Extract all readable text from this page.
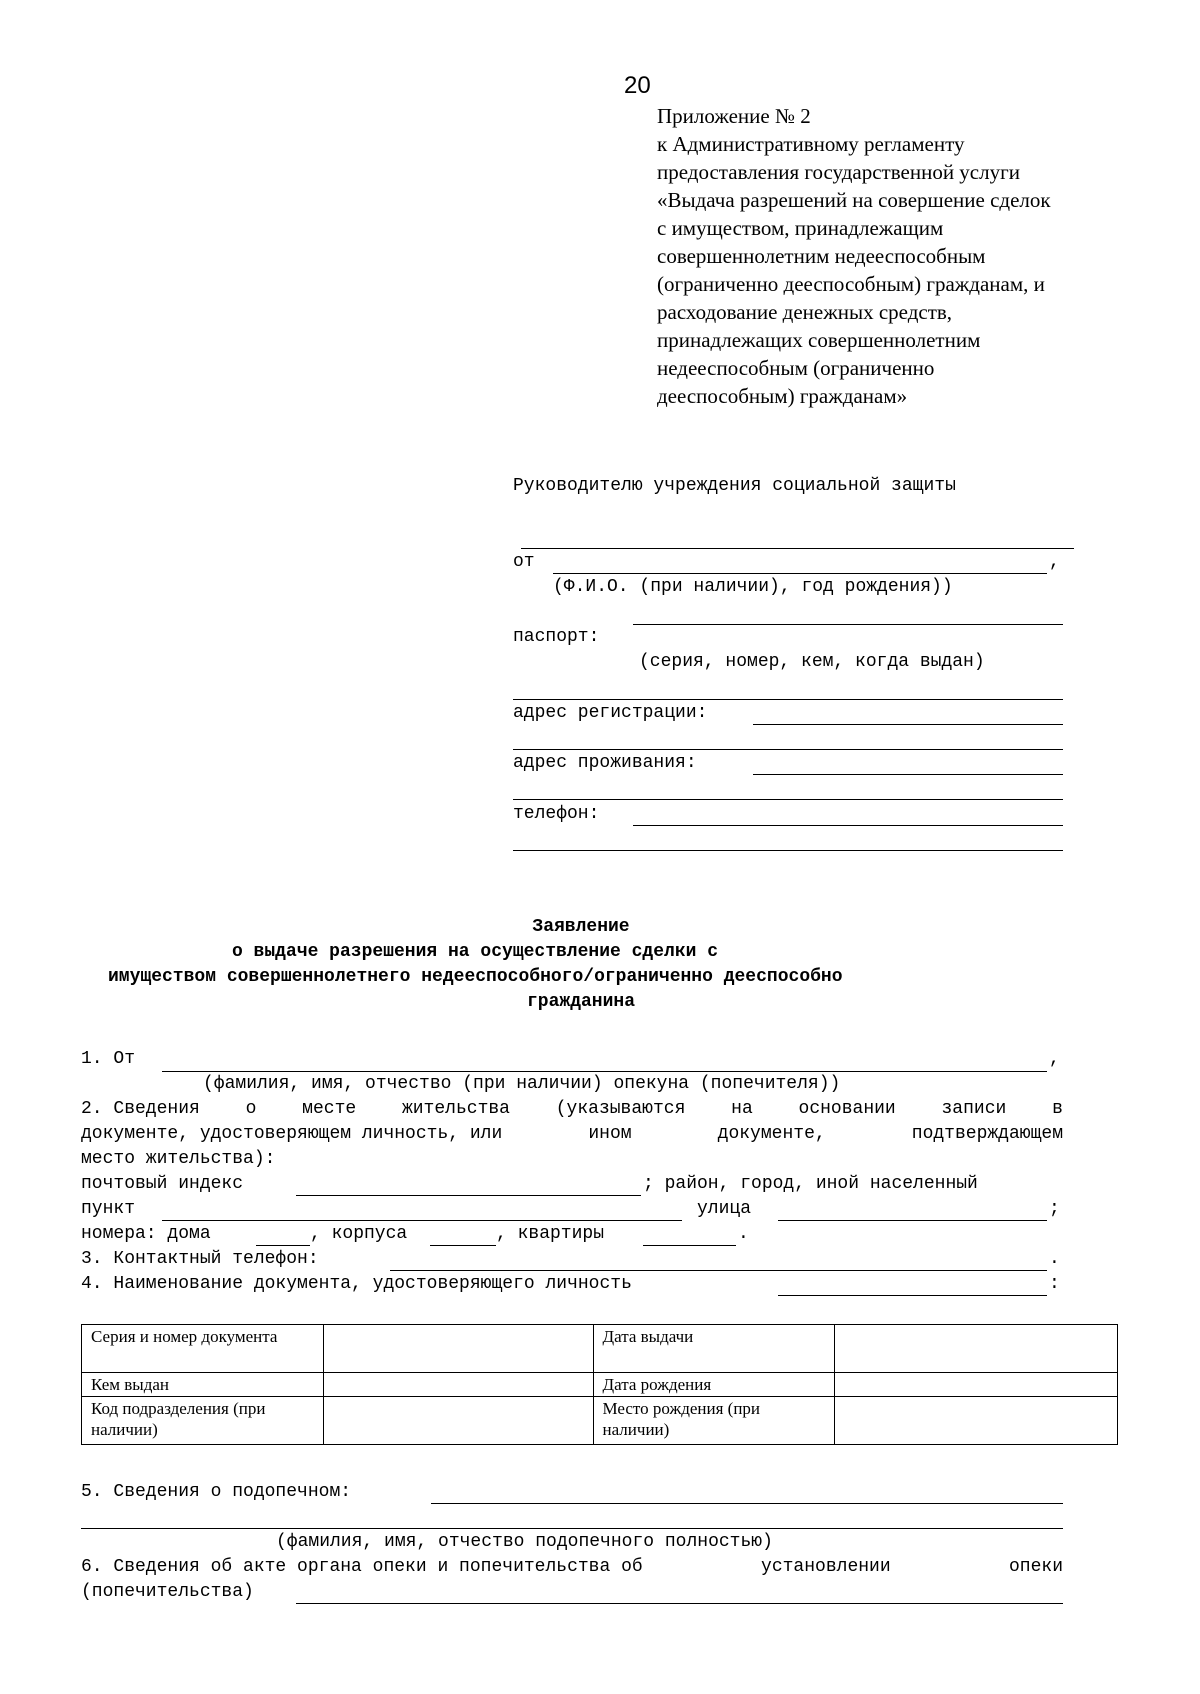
20
Приложение № 2
к Административному регламенту
предоставления государственной услуги
«Выдача разрешений на совершение сделок
с имуществом, принадлежащим
совершеннолетним недееспособным
(ограниченно дееспособным) гражданам, и
расходование денежных средств,
принадлежащих совершеннолетним
недееспособным (ограниченно
дееспособным) гражданам»
Руководителю учреждения социальной защиты
от	,
(Ф.И.О. (при наличии), год рождения))
паспорт:
(серия, номер, кем, когда выдан)
адрес регистрации:
адрес проживания:
телефон:
Заявление
о выдаче разрешения на осуществление сделки с
имуществом совершеннолетнего недееспособного/ограниченно дееспособно
гражданина
1. От	,
(фамилия, имя, отчество (при наличии) опекуна (попечителя))
2. Сведения	о	месте	жительства	(указываются	на	основании	записи	в
документе, удостоверяющем личность, или	ином	документе,	подтверждающем
место жительства):
почтовый индекс	; район, город, иной населенный
пункт	улица	;
номера: дома	, корпуса	, квартиры	.
3. Контактный телефон:	.
4. Наименование документа, удостоверяющего личность	:
Серия и номер документа		Дата выдачи	
Кем выдан		Дата рождения	
Код подразделения (при наличии)		Место рождения (при наличии)	
5. Сведения о подопечном:
(фамилия, имя, отчество подопечного полностью)
6. Сведения об акте органа опеки и попечительства об	установлении	опеки
(попечительства)
